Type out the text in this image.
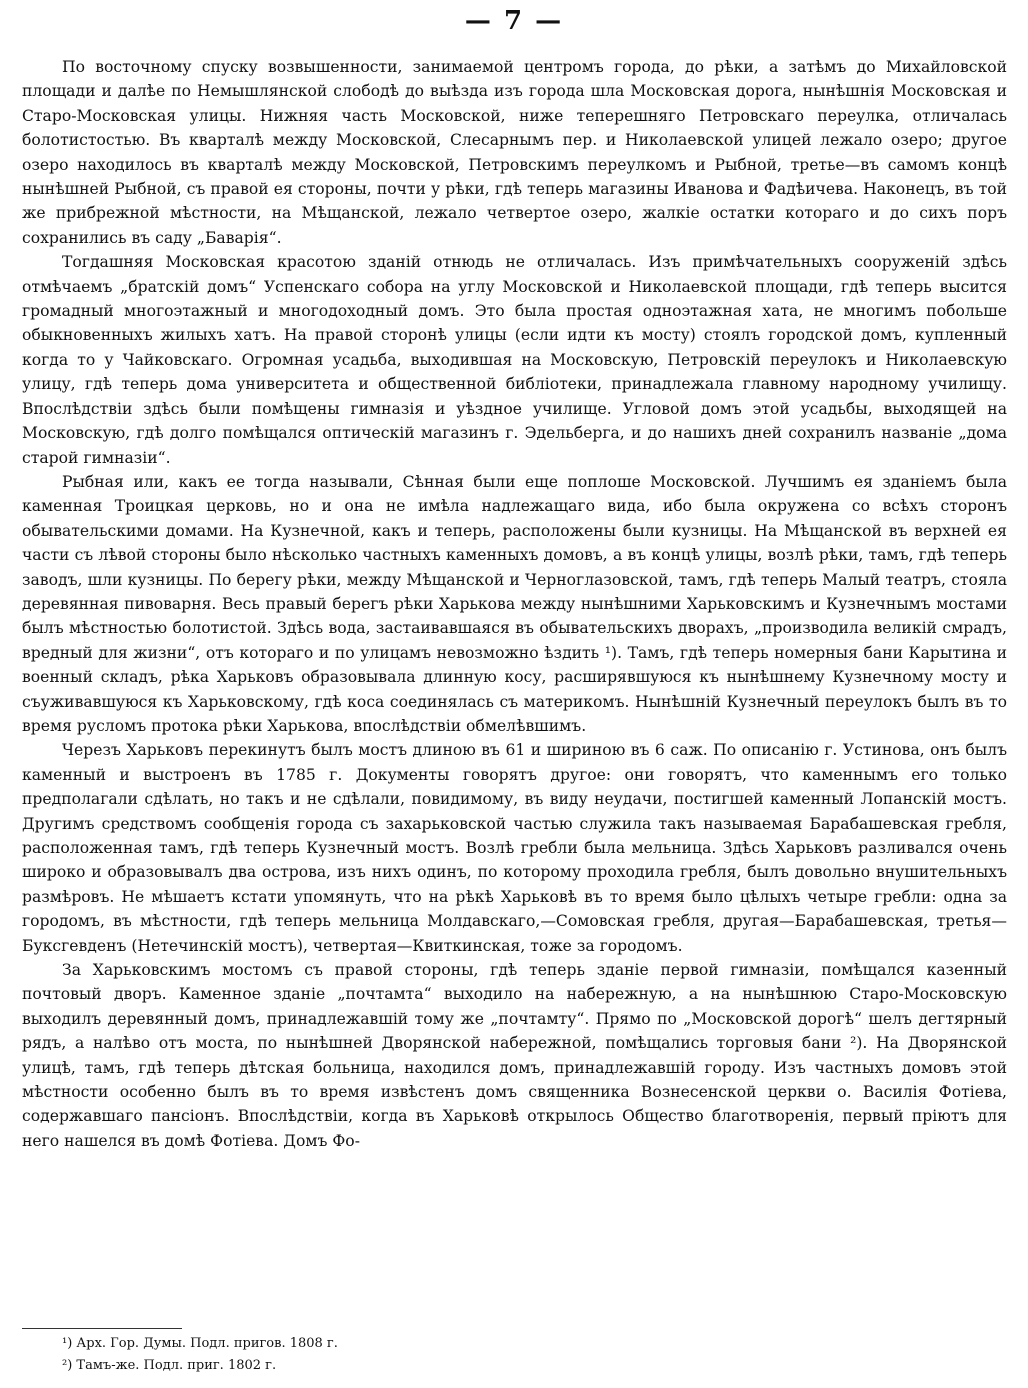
— 7 —

По восточному спуску возвышенности, занимаемой центромъ города, до рѣки, а затѣмъ до Михайловской площади и далѣе по Немышлянской слободѣ до выѣзда изъ города шла Московская дорога, нынѣшнія Московская и Старо-Московская улицы. Нижняя часть Московской, ниже теперешняго Петровскаго переулка, отличалась болотистостью. Въ кварталѣ между Московской, Слесарнымъ пер. и Николаевской улицей лежало озеро; другое озеро находилось въ кварталѣ между Московской, Петровскимъ переулкомъ и Рыбной, третье—въ самомъ концѣ нынѣшней Рыбной, съ правой ея стороны, почти у рѣки, гдѣ теперь магазины Иванова и Фадѣичева. Наконецъ, въ той же прибрежной мѣстности, на Мѣщанской, лежало четвертое озеро, жалкіе остатки котораго и до сихъ поръ сохранились въ саду „Баварія“.

Тогдашняя Московская красотою зданій отнюдь не отличалась. Изъ примѣчательныхъ сооруженій здѣсь отмѣчаемъ „братскій домъ“ Успенскаго собора на углу Московской и Николаевской площади, гдѣ теперь высится громадный многоэтажный и многодоходный домъ. Это была простая одноэтажная хата, не многимъ побольше обыкновенныхъ жилыхъ хатъ. На правой сторонѣ улицы (если идти къ мосту) стоялъ городской домъ, купленный когда то у Чайковскаго. Огромная усадьба, выходившая на Московскую, Петровскій переулокъ и Николаевскую улицу, гдѣ теперь дома университета и общественной библіотеки, принадлежала главному народному училищу. Впослѣдствіи здѣсь были помѣщены гимназія и уѣздное училище. Угловой домъ этой усадьбы, выходящей на Московскую, гдѣ долго помѣщался оптическій магазинъ г. Эдельберга, и до нашихъ дней сохранилъ названіе „дома старой гимназіи“.

Рыбная или, какъ ее тогда называли, Сѣнная были еще поплоше Московской. Лучшимъ ея зданіемъ была каменная Троицкая церковь, но и она не имѣла надлежащаго вида, ибо была окружена со всѣхъ сторонъ обывательскими домами. На Кузнечной, какъ и теперь, расположены были кузницы. На Мѣщанской въ верхней ея части съ лѣвой стороны было нѣсколько частныхъ каменныхъ домовъ, а въ концѣ улицы, возлѣ рѣки, тамъ, гдѣ теперь заводъ, шли кузницы. По берегу рѣки, между Мѣщанской и Черноглазовской, тамъ, гдѣ теперь Малый театръ, стояла деревянная пивоварня. Весь правый берегъ рѣки Харькова между нынѣшними Харьковскимъ и Кузнечнымъ мостами былъ мѣстностью болотистой. Здѣсь вода, застаивавшаяся въ обывательскихъ дворахъ, „производила великій смрадъ, вредный для жизни“, отъ котораго и по улицамъ невозможно ѣздить ¹). Тамъ, гдѣ теперь номерныя бани Карытина и военный складъ, рѣка Харьковъ образовывала длинную косу, расширявшуюся къ нынѣшнему Кузнечному мосту и съуживавшуюся къ Харьковскому, гдѣ коса соединялась съ материкомъ. Нынѣшній Кузнечный переулокъ былъ въ то время русломъ протока рѣки Харькова, впослѣдствіи обмелѣвшимъ.

Черезъ Харьковъ перекинутъ былъ мостъ длиною въ 61 и шириною въ 6 саж. По описанію г. Устинова, онъ былъ каменный и выстроенъ въ 1785 г. Документы говорятъ другое: они говорятъ, что каменнымъ его только предполагали сдѣлать, но такъ и не сдѣлали, повидимому, въ виду неудачи, постигшей каменный Лопанскій мостъ. Другимъ средствомъ сообщенія города съ захарьковской частью служила такъ называемая Барабашевская гребля, расположенная тамъ, гдѣ теперь Кузнечный мостъ. Возлѣ гребли была мельница. Здѣсь Харьковъ разливался очень широко и образовывалъ два острова, изъ нихъ одинъ, по которому проходила гребля, былъ довольно внушительныхъ размѣровъ. Не мѣшаетъ кстати упомянуть, что на рѣкѣ Харьковѣ въ то время было цѣлыхъ четыре гребли: одна за городомъ, въ мѣстности, гдѣ теперь мельница Молдавскаго,—Сомовская гребля, другая—Барабашевская, третья—Буксгевденъ (Нетечинскій мостъ), четвертая—Квиткинская, тоже за городомъ.

За Харьковскимъ мостомъ съ правой стороны, гдѣ теперь зданіе первой гимназіи, помѣщался казенный почтовый дворъ. Каменное зданіе „почтамта“ выходило на набережную, а на нынѣшнюю Старо-Московскую выходилъ деревянный домъ, принадлежавшій тому же „почтамту“. Прямо по „Московской дорогѣ“ шелъ дегтярный рядъ, а налѣво отъ моста, по нынѣшней Дворянской набережной, помѣщались торговыя бани ²). На Дворянской улицѣ, тамъ, гдѣ теперь дѣтская больница, находился домъ, принадлежавшій городу. Изъ частныхъ домовъ этой мѣстности особенно былъ въ то время извѣстенъ домъ священника Вознесенской церкви о. Василія Фотіева, содержавшаго пансіонъ. Впослѣдствіи, когда въ Харьковѣ открылось Общество благотворенія, первый пріютъ для него нашелся въ домѣ Фотіева. Домъ Фо-

¹) Арх. Гор. Думы. Подл. пригов. 1808 г.

²) Тамъ-же. Подл. приг. 1802 г.
